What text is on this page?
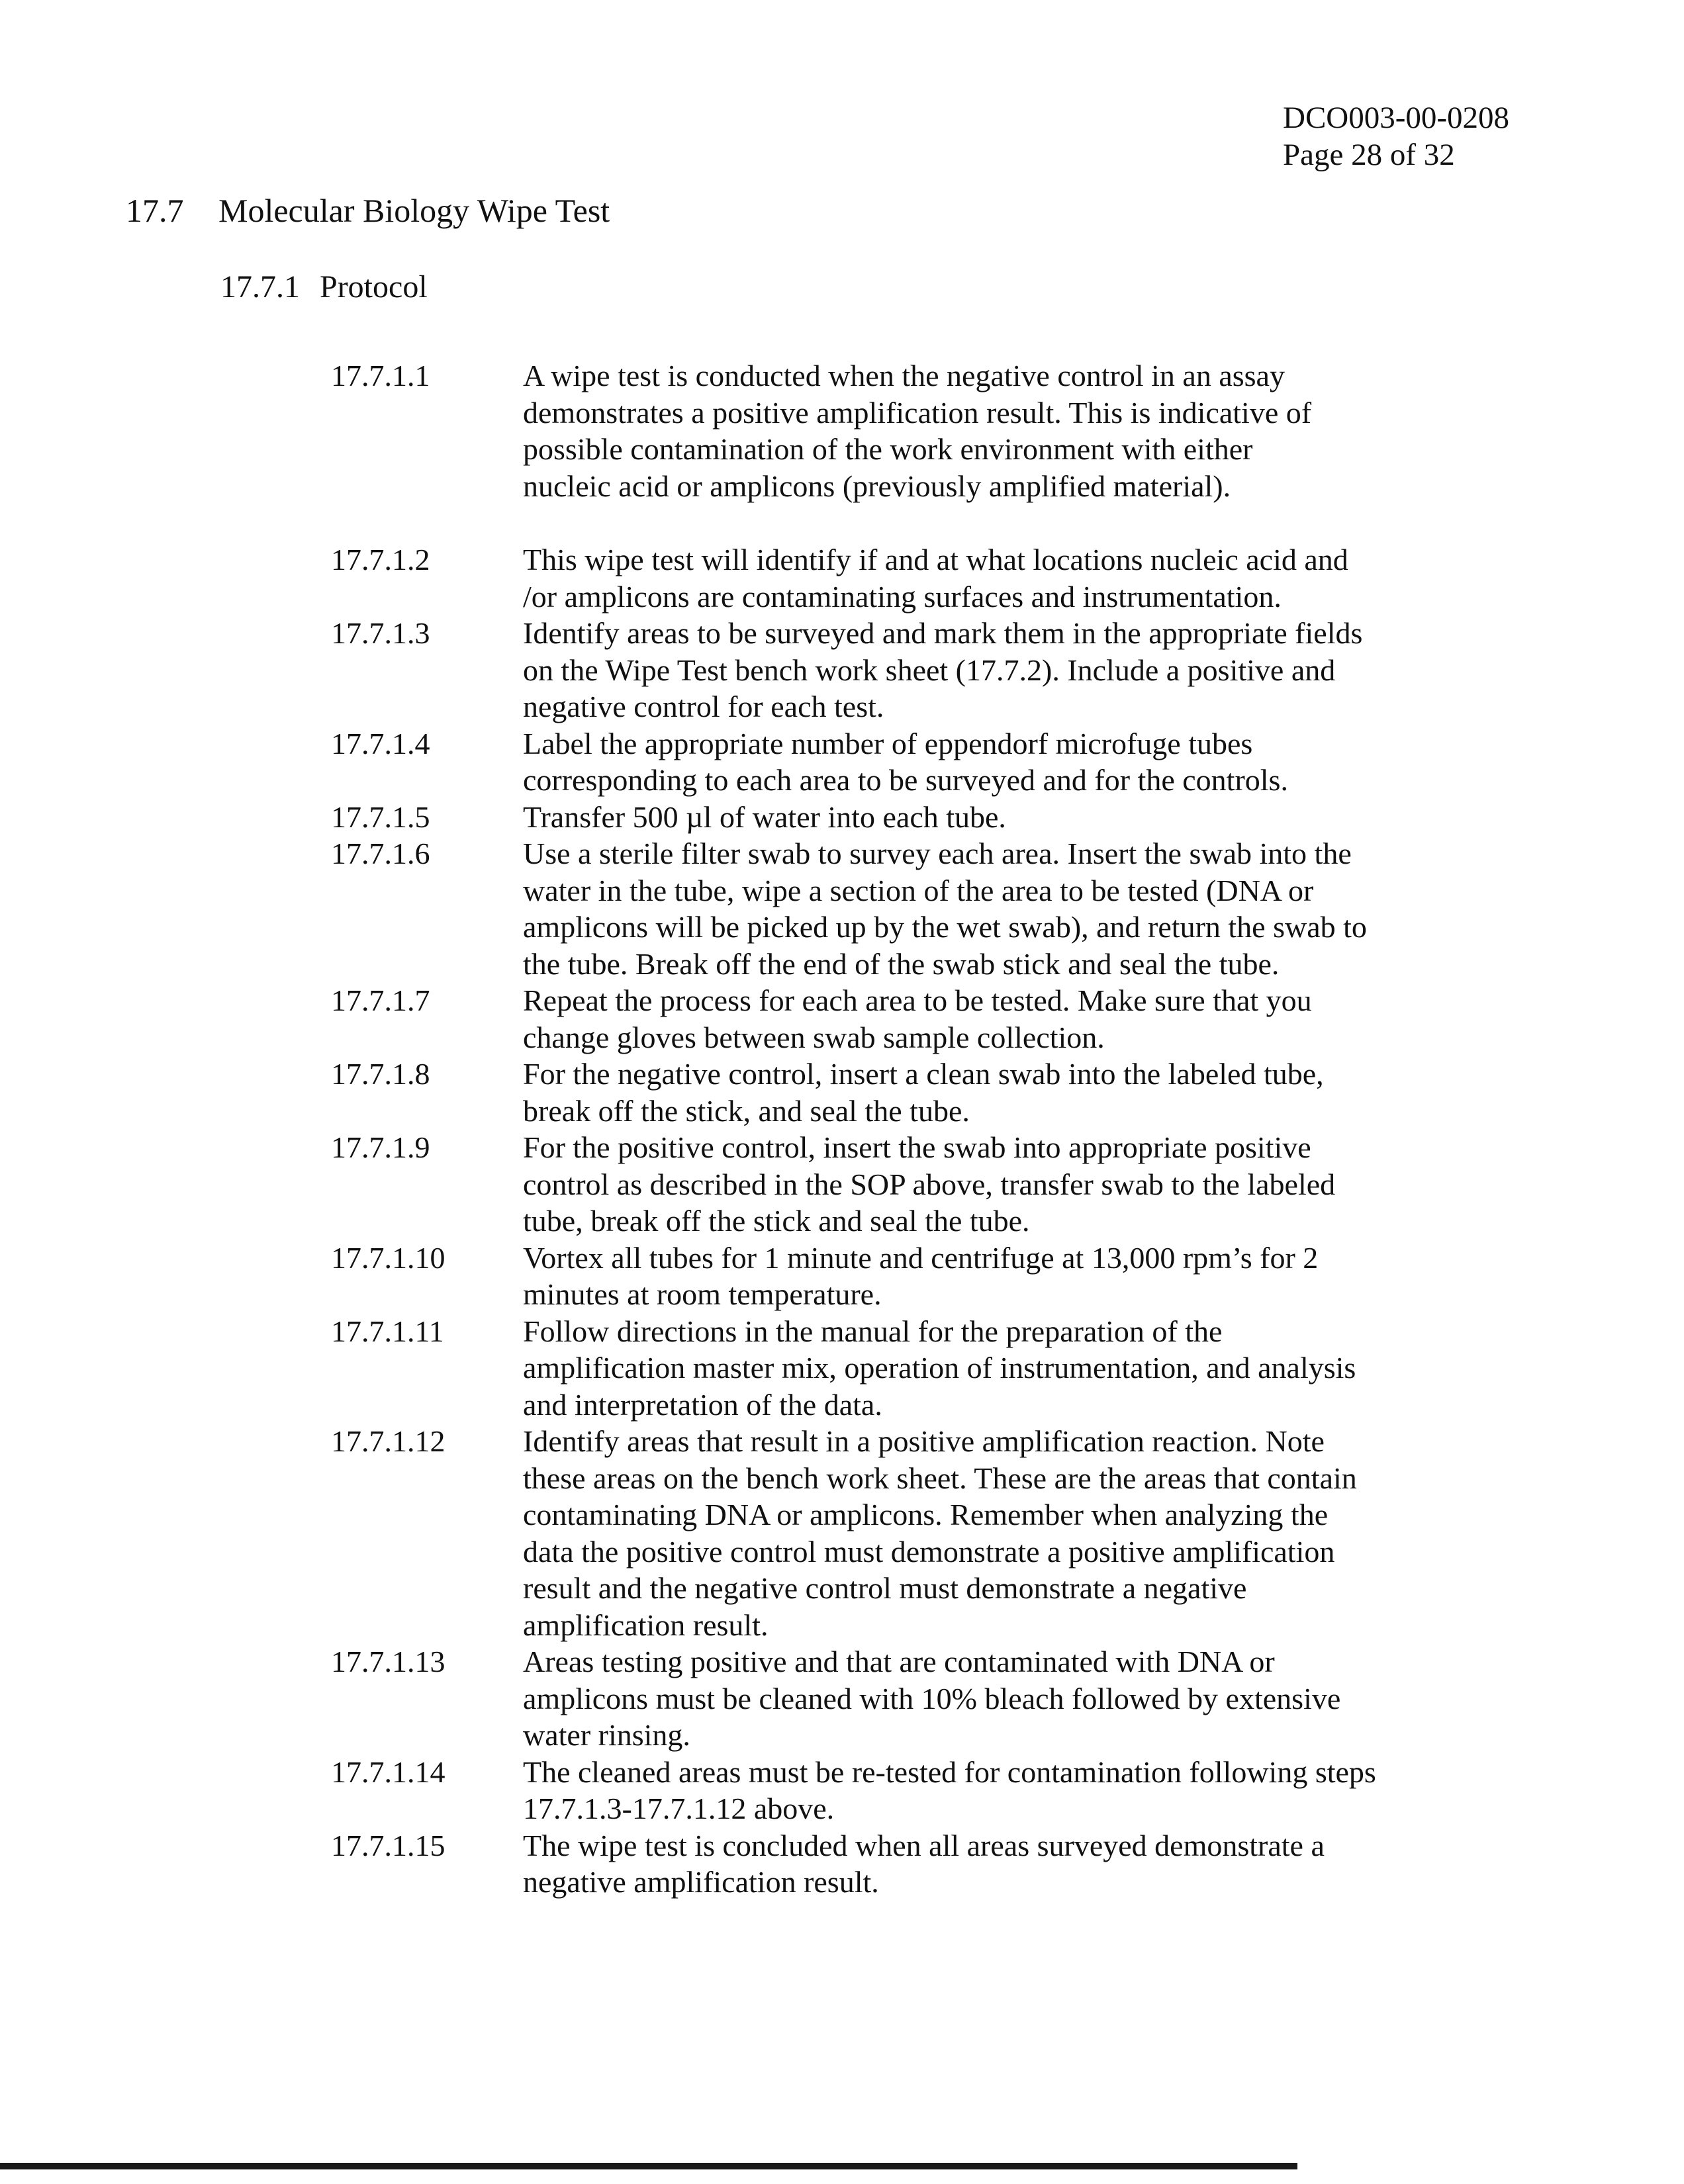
DCO003-00-0208
Page 28 of 32
17.7 Molecular Biology Wipe Test
17.7.1 Protocol
17.7.1.1	A wipe test is conducted when the negative control in an assay
demonstrates a positive amplification result. This is indicative of
possible contamination of the work environment with either
nucleic acid or amplicons (previously amplified material).
17.7.1.2	This wipe test will identify if and at what locations nucleic acid and
/or amplicons are contaminating surfaces and instrumentation.
17.7.1.3	Identify areas to be surveyed and mark them in the appropriate fields
on the Wipe Test bench work sheet (17.7.2). Include a positive and
negative control for each test.
17.7.1.4	Label the appropriate number of eppendorf microfuge tubes
corresponding to each area to be surveyed and for the controls.
17.7.1.5	Transfer 500 µl of water into each tube.
17.7.1.6	Use a sterile filter swab to survey each area. Insert the swab into the
water in the tube, wipe a section of the area to be tested (DNA or
amplicons will be picked up by the wet swab), and return the swab to
the tube. Break off the end of the swab stick and seal the tube.
17.7.1.7	Repeat the process for each area to be tested. Make sure that you
change gloves between swab sample collection.
17.7.1.8	For the negative control, insert a clean swab into the labeled tube,
break off the stick, and seal the tube.
17.7.1.9	For the positive control, insert the swab into appropriate positive
control as described in the SOP above, transfer swab to the labeled
tube, break off the stick and seal the tube.
17.7.1.10	Vortex all tubes for 1 minute and centrifuge at 13,000 rpm’s for 2
minutes at room temperature.
17.7.1.11	Follow directions in the manual for the preparation of the
amplification master mix, operation of instrumentation, and analysis
and interpretation of the data.
17.7.1.12	Identify areas that result in a positive amplification reaction. Note
these areas on the bench work sheet. These are the areas that contain
contaminating DNA or amplicons. Remember when analyzing the
data the positive control must demonstrate a positive amplification
result and the negative control must demonstrate a negative
amplification result.
17.7.1.13	Areas testing positive and that are contaminated with DNA or
amplicons must be cleaned with 10% bleach followed by extensive
water rinsing.
17.7.1.14	The cleaned areas must be re-tested for contamination following steps
17.7.1.3-17.7.1.12 above.
17.7.1.15	The wipe test is concluded when all areas surveyed demonstrate a
negative amplification result.
